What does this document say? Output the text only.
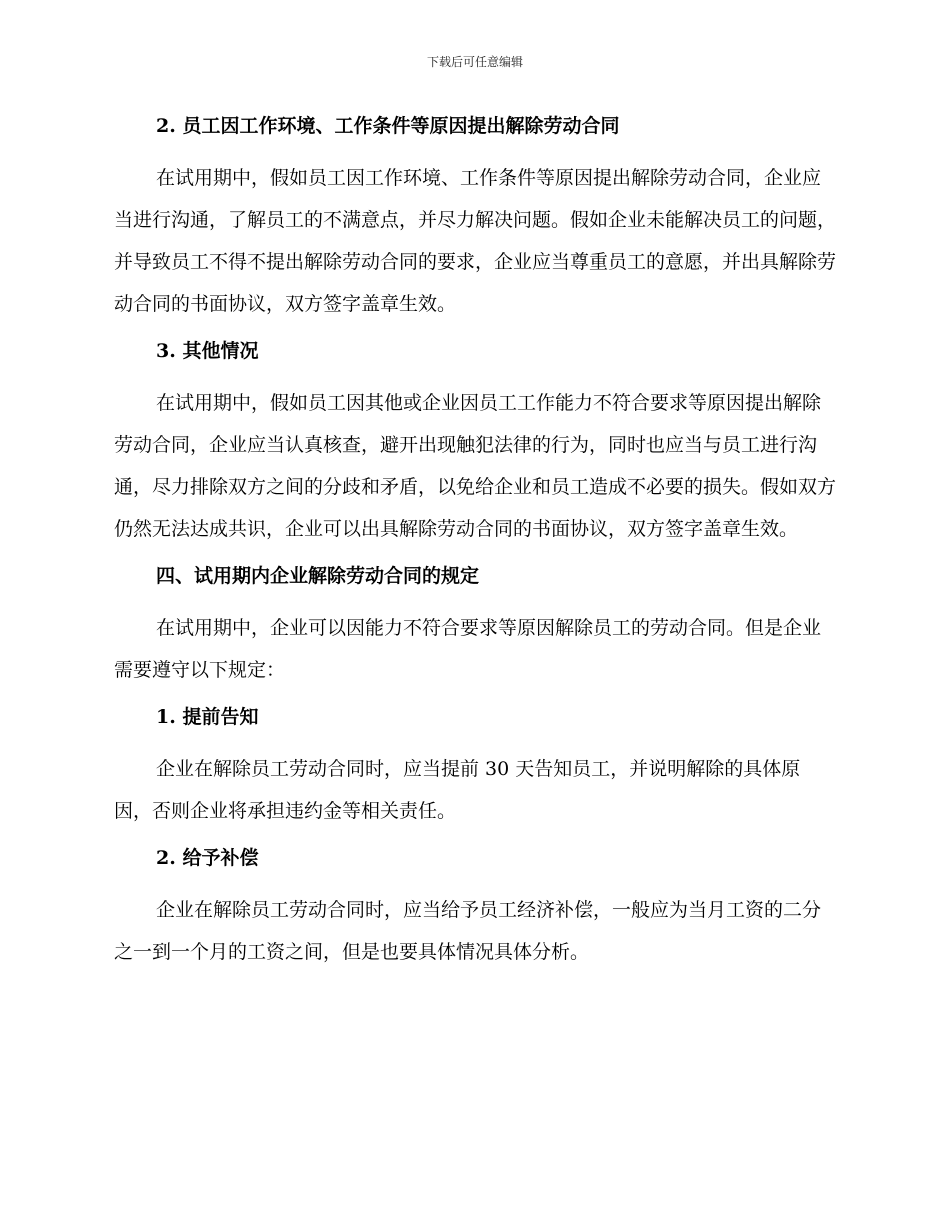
下载后可任意编辑
2. 员工因工作环境、工作条件等原因提出解除劳动合同

在试用期中，假如员工因工作环境、工作条件等原因提出解除劳动合同，企业应当进行沟通，了解员工的不满意点，并尽力解决问题。假如企业未能解决员工的问题，并导致员工不得不提出解除劳动合同的要求，企业应当尊重员工的意愿，并出具解除劳动合同的书面协议，双方签字盖章生效。

3. 其他情况

在试用期中，假如员工因其他或企业因员工工作能力不符合要求等原因提出解除劳动合同，企业应当认真核查，避开出现触犯法律的行为，同时也应当与员工进行沟通，尽力排除双方之间的分歧和矛盾，以免给企业和员工造成不必要的损失。假如双方仍然无法达成共识，企业可以出具解除劳动合同的书面协议，双方签字盖章生效。

四、试用期内企业解除劳动合同的规定

在试用期中，企业可以因能力不符合要求等原因解除员工的劳动合同。但是企业需要遵守以下规定：

1. 提前告知

企业在解除员工劳动合同时，应当提前 30 天告知员工，并说明解除的具体原因，否则企业将承担违约金等相关责任。

2. 给予补偿

企业在解除员工劳动合同时，应当给予员工经济补偿，一般应为当月工资的二分之一到一个月的工资之间，但是也要具体情况具体分析。
